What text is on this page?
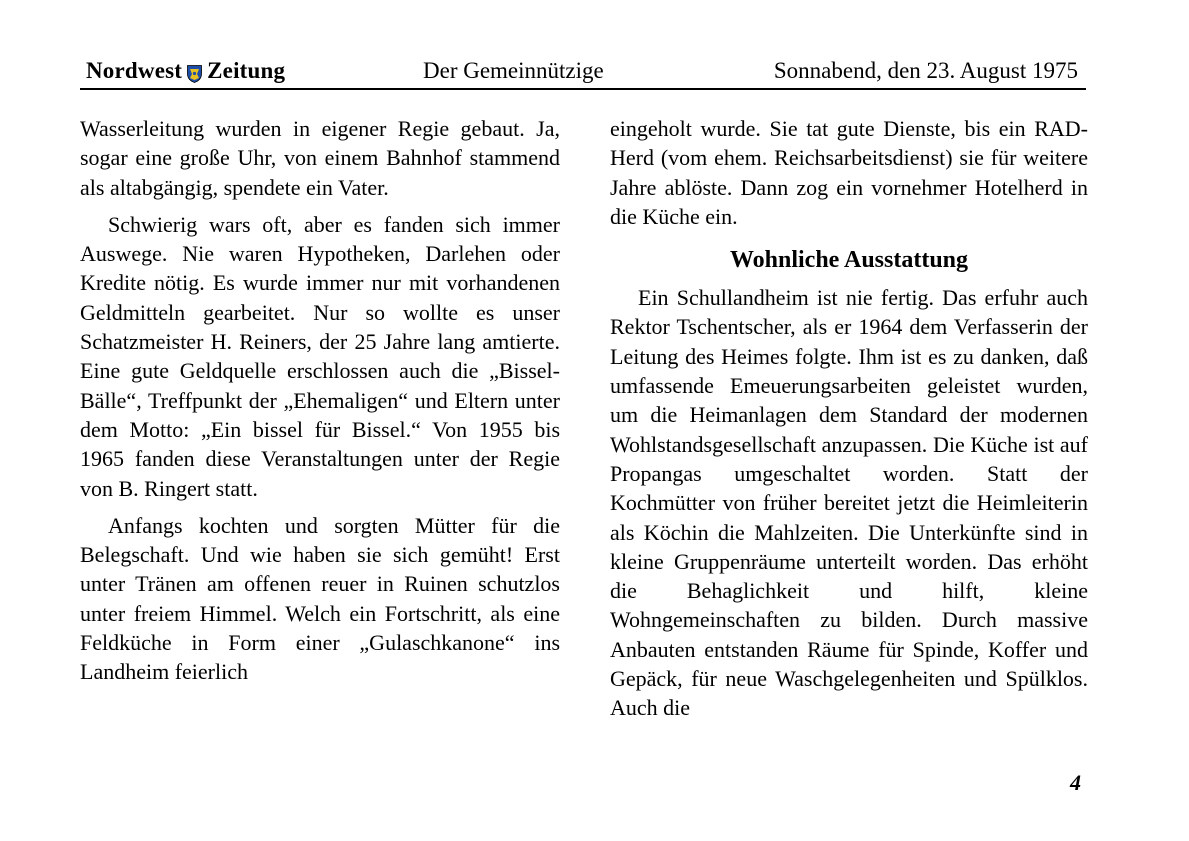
Nordwest Zeitung	Der Gemeinnützige	Sonnabend, den 23. August 1975

Wasserleitung wurden in eigener Regie gebaut. Ja, sogar eine große Uhr, von einem Bahnhof stammend als altabgängig, spendete ein Vater.

Schwierig wars oft, aber es fanden sich immer Auswege. Nie waren Hypotheken, Darlehen oder Kredite nötig. Es wurde immer nur mit vorhandenen Geldmitteln gearbeitet. Nur so wollte es unser Schatzmeister H. Reiners, der 25 Jahre lang amtierte. Eine gute Geldquelle erschlossen auch die „Bissel-Bälle“, Treffpunkt der „Ehemaligen“ und Eltern unter dem Motto: „Ein bissel für Bissel.“ Von 1955 bis 1965 fanden diese Veranstaltungen unter der Regie von B. Ringert statt.

Anfangs kochten und sorgten Mütter für die Belegschaft. Und wie haben sie sich gemüht! Erst unter Tränen am offenen reuer in Ruinen schutzlos unter freiem Himmel. Welch ein Fortschritt, als eine Feldküche in Form einer „Gulaschkanone“ ins Landheim feierlich

eingeholt wurde. Sie tat gute Dienste, bis ein RAD-Herd (vom ehem. Reichsarbeitsdienst) sie für weitere Jahre ablöste. Dann zog ein vornehmer Hotelherd in die Küche ein.

Wohnliche Ausstattung

Ein Schullandheim ist nie fertig. Das erfuhr auch Rektor Tschentscher, als er 1964 dem Verfasserin der Leitung des Heimes folgte. Ihm ist es zu danken, daß umfassende Emeuerungsarbeiten geleistet wurden, um die Heimanlagen dem Standard der modernen Wohlstandsgesellschaft anzupassen. Die Küche ist auf Propangas umgeschaltet worden. Statt der Kochmütter von früher bereitet jetzt die Heimleiterin als Köchin die Mahlzeiten. Die Unterkünfte sind in kleine Gruppenräume unterteilt worden. Das erhöht die Behaglichkeit und hilft, kleine Wohngemeinschaften zu bilden. Durch massive Anbauten entstanden Räume für Spinde, Koffer und Gepäck, für neue Waschgelegenheiten und Spülklos. Auch die

4
